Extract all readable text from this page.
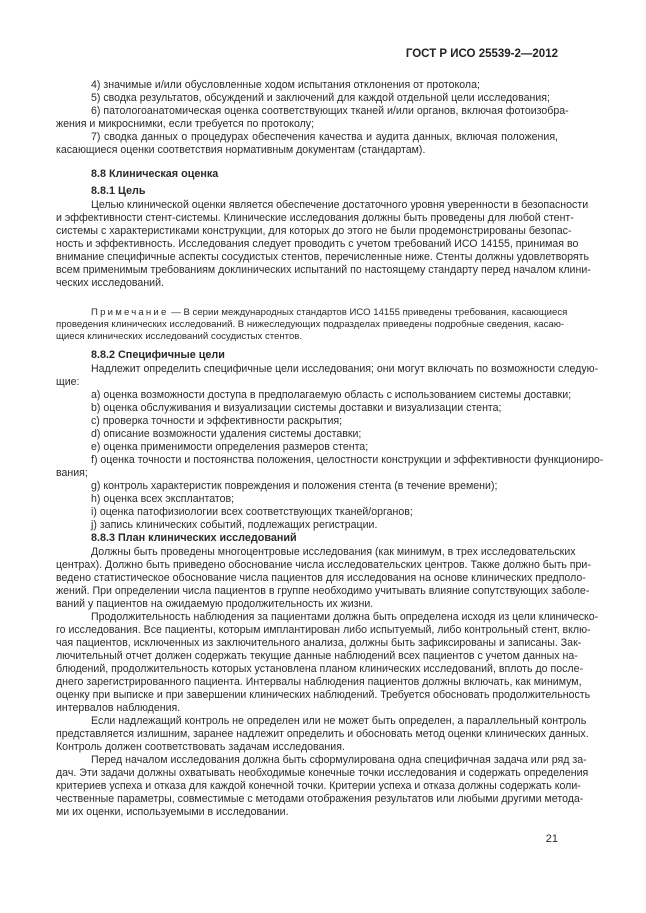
ГОСТ Р ИСО 25539-2—2012
4) значимые и/или обусловленные ходом испытания отклонения от протокола;
5) сводка результатов, обсуждений и заключений для каждой отдельной цели исследования;
6) патологоанатомическая оценка соответствующих тканей и/или органов, включая фотоизобра-
жения и микроснимки, если требуется по протоколу;
7) сводка данных о процедурах обеспечения качества и аудита данных, включая положения,
касающиеся оценки соответствия нормативным документам (стандартам).
8.8 Клиническая оценка
8.8.1 Цель
Целью клинической оценки является обеспечение достаточного уровня уверенности в безопасности
и эффективности стент-системы. Клинические исследования должны быть проведены для любой стент-
системы с характеристиками конструкции, для которых до этого не были продемонстрированы безопас-
ность и эффективность. Исследования следует проводить с учетом требований ИСО 14155, принимая во
внимание специфичные аспекты сосудистых стентов, перечисленные ниже. Стенты должны удовлетворять
всем применимым требованиям доклинических испытаний по настоящему стандарту перед началом клини-
ческих исследований.
Примечание — В серии международных стандартов ИСО 14155 приведены требования, касающиеся
проведения клинических исследований. В нижеследующих подразделах приведены подробные сведения, касаю-
щиеся клинических исследований сосудистых стентов.
8.8.2 Специфичные цели
Надлежит определить специфичные цели исследования; они могут включать по возможности следую-
щие:
a) оценка возможности доступа в предполагаемую область с использованием системы доставки;
b) оценка обслуживания и визуализации системы доставки и визуализации стента;
c) проверка точности и эффективности раскрытия;
d) описание возможности удаления системы доставки;
e) оценка применимости определения размеров стента;
f) оценка точности и постоянства положения, целостности конструкции и эффективности функциониро-
вания;
g) контроль характеристик повреждения и положения стента (в течение времени);
h) оценка всех эксплантатов;
i) оценка патофизиологии всех соответствующих тканей/органов;
j) запись клинических событий, подлежащих регистрации.
8.8.3 План клинических исследований
Должны быть проведены многоцентровые исследования (как минимум, в трех исследовательских
центрах). Должно быть приведено обоснование числа исследовательских центров. Также должно быть при-
ведено статистическое обоснование числа пациентов для исследования на основе клинических предполо-
жений. При определении числа пациентов в группе необходимо учитывать влияние сопутствующих заболе-
ваний у пациентов на ожидаемую продолжительность их жизни.
Продолжительность наблюдения за пациентами должна быть определена исходя из цели клиническо-
го исследования. Все пациенты, которым имплантирован либо испытуемый, либо контрольный стент, вклю-
чая пациентов, исключенных из заключительного анализа, должны быть зафиксированы и записаны. Зак-
лючительный отчет должен содержать текущие данные наблюдений всех пациентов с учетом данных на-
блюдений, продолжительность которых установлена планом клинических исследований, вплоть до после-
днего зарегистрированного пациента. Интервалы наблюдения пациентов должны включать, как минимум,
оценку при выписке и при завершении клинических наблюдений. Требуется обосновать продолжительность
интервалов наблюдения.
Если надлежащий контроль не определен или не может быть определен, а параллельный контроль
представляется излишним, заранее надлежит определить и обосновать метод оценки клинических данных.
Контроль должен соответствовать задачам исследования.
Перед началом исследования должна быть сформулирована одна специфичная задача или ряд за-
дач. Эти задачи должны охватывать необходимые конечные точки исследования и содержать определения
критериев успеха и отказа для каждой конечной точки. Критерии успеха и отказа должны содержать коли-
чественные параметры, совместимые с методами отображения результатов или любыми другими метода-
ми их оценки, используемыми в исследовании.
21
